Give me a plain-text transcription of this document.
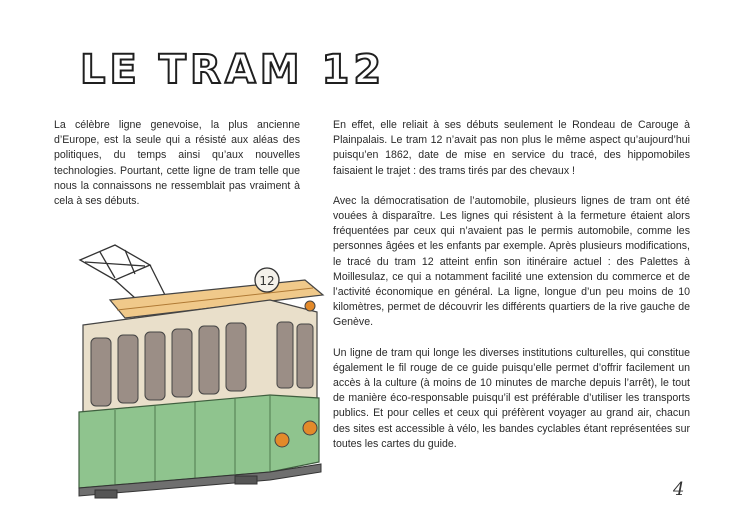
LE TRAM 12

La célèbre ligne genevoise, la plus ancienne d’Europe, est la seule qui a résisté aux aléas des politiques, du temps ainsi qu’aux nouvelles technologies. Pourtant, cette ligne de tram telle que nous la connaissons ne ressemblait pas vraiment à cela à ses débuts.

En effet, elle reliait à ses débuts seulement le Rondeau de Carouge à Plainpalais. Le tram 12 n’avait pas non plus le même aspect qu’aujourd’hui puisqu’en 1862, date de mise en service du tracé, des hippomobiles faisaient le trajet : des trams tirés par des chevaux !

Avec la démocratisation de l’automobile, plusieurs lignes de tram ont été vouées à disparaître. Les lignes qui résistent à la fermeture étaient alors fréquentées par ceux qui n’avaient pas le permis automobile, comme les personnes âgées et les enfants par exemple. Après plusieurs modifications, le tracé du tram 12 atteint enfin son itinéraire actuel : des Palettes à Moillesulaz, ce qui a notamment facilité une extension du commerce et de l’activité économique en général. La ligne, longue d’un peu moins de 10 kilomètres, permet de découvrir les différents quartiers de la rive gauche de Genève.

Un ligne de tram qui longe les diverses institutions culturelles, qui constitue également le fil rouge de ce guide puisqu’elle permet d’offrir facilement un accès à la culture (à moins de 10 minutes de marche depuis l’arrêt), le tout de manière éco-responsable puisqu’il est préférable d’utiliser les transports publics. Et pour celles et ceux qui préfèrent voyager au grand air, chacun des sites est accessible à vélo, les bandes cyclables étant représentées sur toutes les cartes du guide.

12
4
